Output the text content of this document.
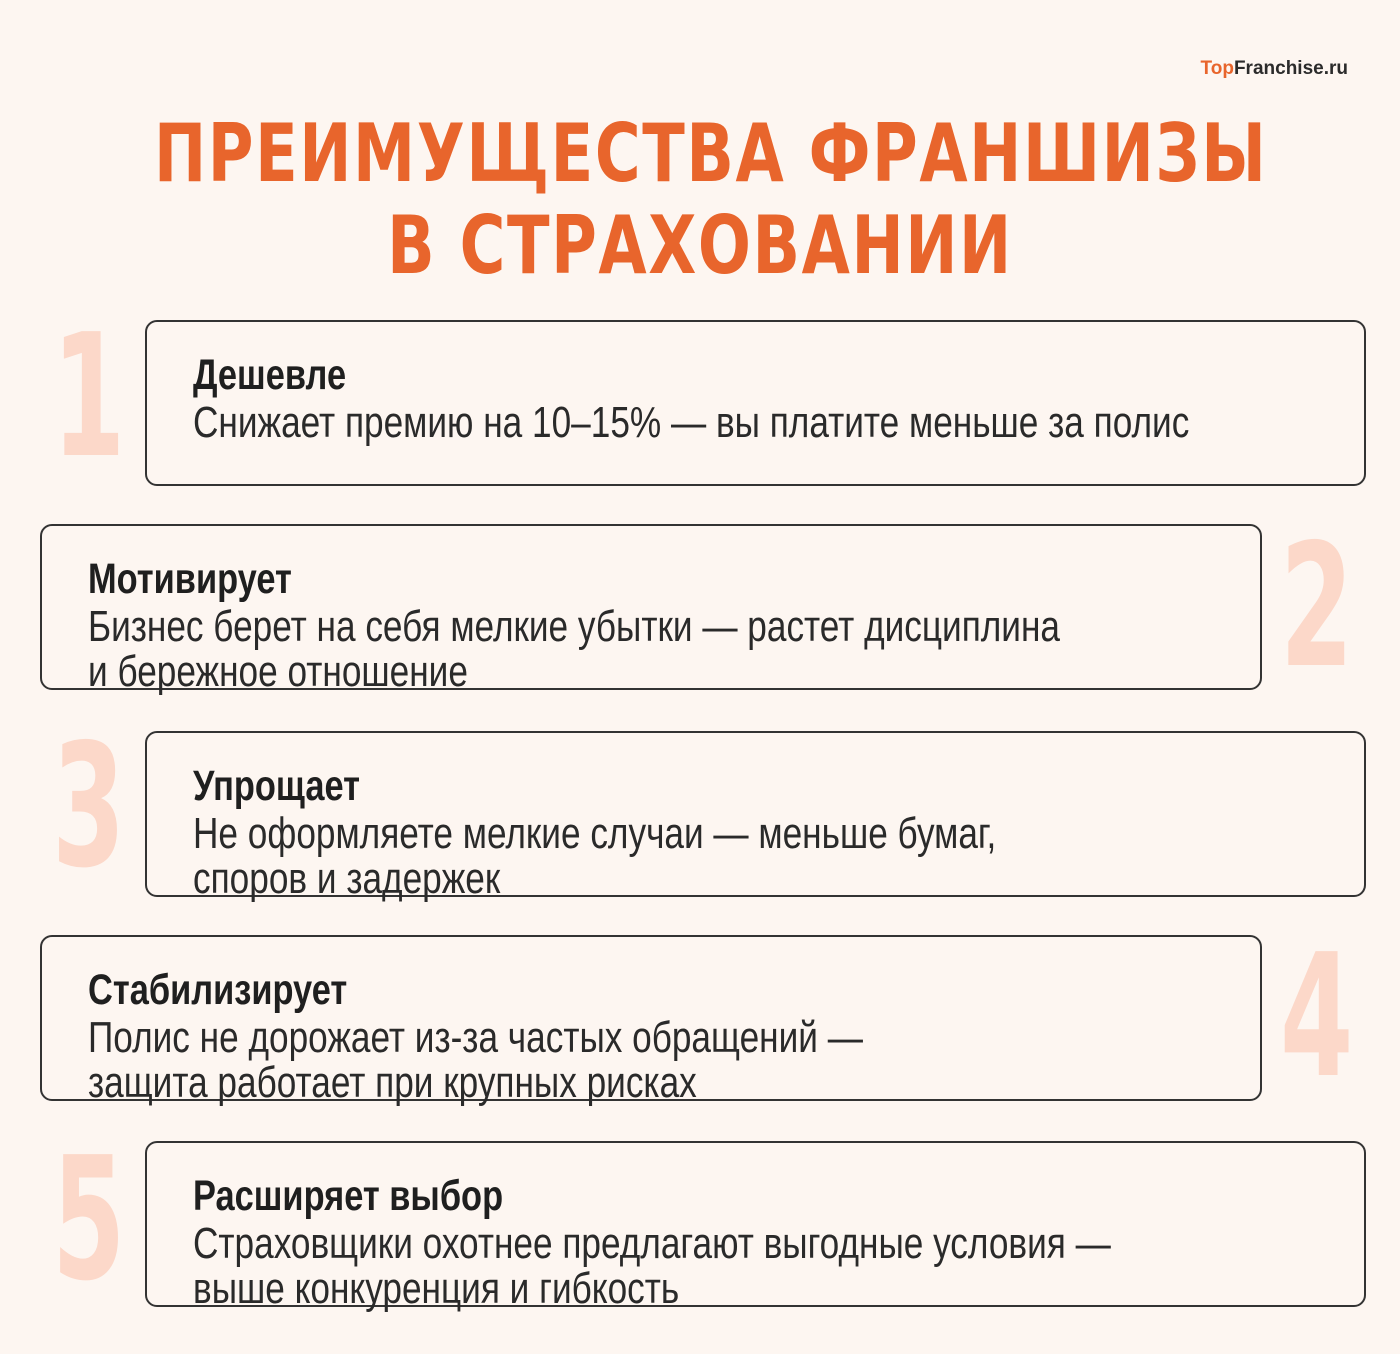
TopFranchise.ru
ПРЕИМУЩЕСТВА ФРАНШИЗЫ
В СТРАХОВАНИИ
1 Дешевле

Снижает премию на 10–15% — вы платите меньше за полис

2
Мотивирует

Бизнес берет на себя мелкие убытки — растет дисциплина
и бережное отношение

3 Упрощает

Не оформляете мелкие случаи — меньше бумаг,
споров и задержек

4
Стабилизирует

Полис не дорожает из-за частых обращений —
защита работает при крупных рисках

5 Расширяет выбор

Страховщики охотнее предлагают выгодные условия —
выше конкуренция и гибкость
